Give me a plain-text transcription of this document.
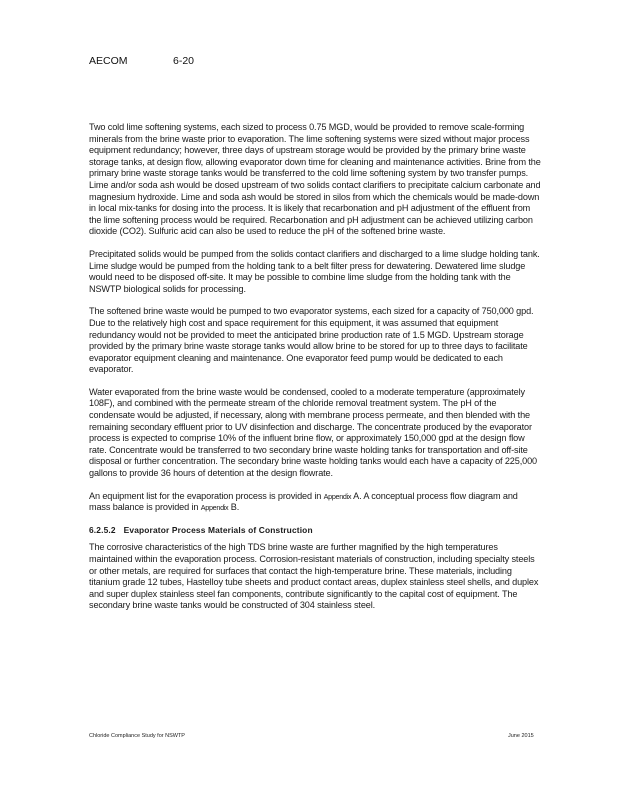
AECOM	6-20

Two cold lime softening systems, each sized to process 0.75 MGD, would be provided to remove scale-forming minerals from the brine waste prior to evaporation. The lime softening systems were sized without major process equipment redundancy; however, three days of upstream storage would be provided by the primary brine waste storage tanks, at design flow, allowing evaporator down time for cleaning and maintenance activities. Brine from the primary brine waste storage tanks would be transferred to the cold lime softening system by two transfer pumps. Lime and/or soda ash would be dosed upstream of two solids contact clarifiers to precipitate calcium carbonate and magnesium hydroxide. Lime and soda ash would be stored in silos from which the chemicals would be made-down in local mix-tanks for dosing into the process. It is likely that recarbonation and pH adjustment of the effluent from the lime softening process would be required. Recarbonation and pH adjustment can be achieved utilizing carbon dioxide (CO2). Sulfuric acid can also be used to reduce the pH of the softened brine waste.

Precipitated solids would be pumped from the solids contact clarifiers and discharged to a lime sludge holding tank. Lime sludge would be pumped from the holding tank to a belt filter press for dewatering. Dewatered lime sludge would need to be disposed off-site. It may be possible to combine lime sludge from the holding tank with the NSWTP biological solids for processing.

The softened brine waste would be pumped to two evaporator systems, each sized for a capacity of 750,000 gpd. Due to the relatively high cost and space requirement for this equipment, it was assumed that equipment redundancy would not be provided to meet the anticipated brine production rate of 1.5 MGD. Upstream storage provided by the primary brine waste storage tanks would allow brine to be stored for up to three days to facilitate evaporator equipment cleaning and maintenance. One evaporator feed pump would be dedicated to each evaporator.

Water evaporated from the brine waste would be condensed, cooled to a moderate temperature (approximately 108F), and combined with the permeate stream of the chloride removal treatment system. The pH of the condensate would be adjusted, if necessary, along with membrane process permeate, and then blended with the remaining secondary effluent prior to UV disinfection and discharge. The concentrate produced by the evaporator process is expected to comprise 10% of the influent brine flow, or approximately 150,000 gpd at the design flow rate. Concentrate would be transferred to two secondary brine waste holding tanks for transportation and off-site disposal or further concentration. The secondary brine waste holding tanks would each have a capacity of 225,000 gallons to provide 36 hours of detention at the design flowrate.

An equipment list for the evaporation process is provided in Appendix A. A conceptual process flow diagram and mass balance is provided in Appendix B.

6.2.5.2 Evaporator Process Materials of Construction

The corrosive characteristics of the high TDS brine waste are further magnified by the high temperatures maintained within the evaporation process. Corrosion-resistant materials of construction, including specialty steels or other metals, are required for surfaces that contact the high-temperature brine. These materials, including titanium grade 12 tubes, Hastelloy tube sheets and product contact areas, duplex stainless steel shells, and duplex and super duplex stainless steel fan components, contribute significantly to the capital cost of equipment. The secondary brine waste tanks would be constructed of 304 stainless steel.

Chloride Compliance Study for NSWTP	June 2015
